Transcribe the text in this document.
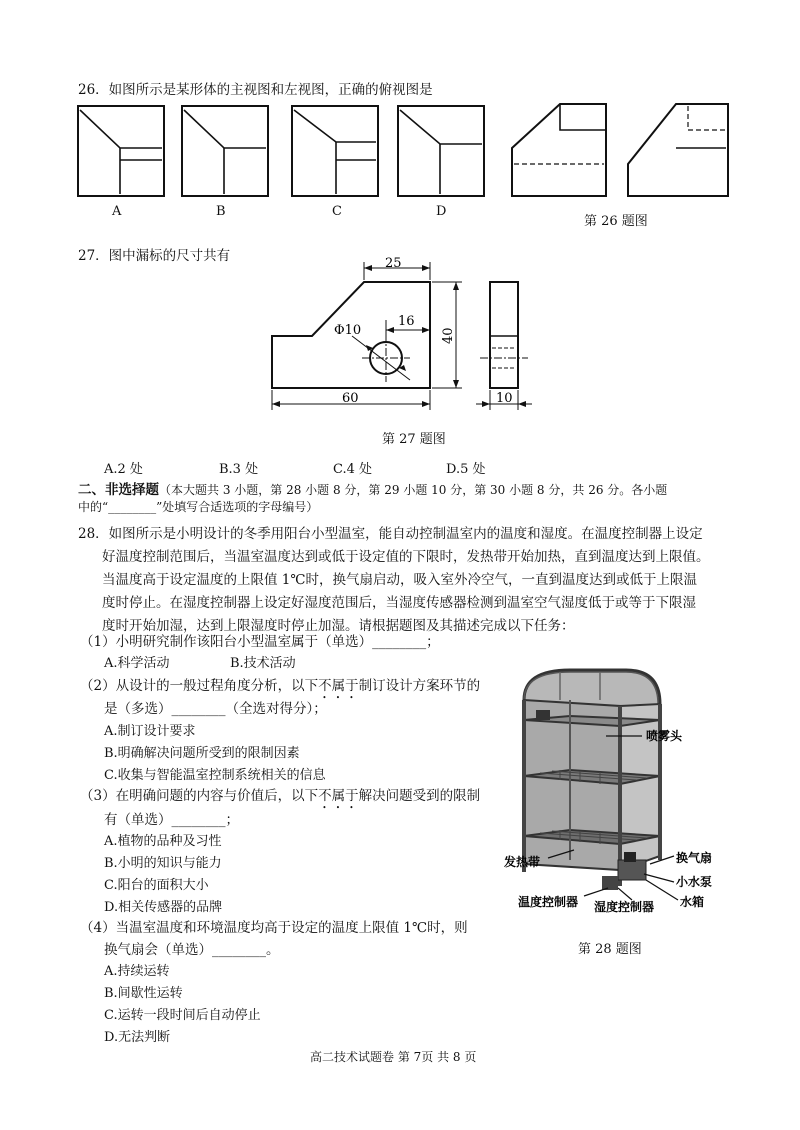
26．如图所示是某形体的主视图和左视图，正确的俯视图是
A	B	C	D
第 26 题图
27．图中漏标的尺寸共有	25
16
Φ10	40
60	10
第 27 题图
A.2 处	B.3 处	C.4 处	D.5 处
二、非选择题（本大题共 3 小题，第 28 小题 8 分，第 29 小题 10 分，第 30 小题 8 分，共 26 分。各小题
中的“________”处填写合适选项的字母编号）
28．如图所示是小明设计的冬季用阳台小型温室，能自动控制温室内的温度和湿度。在温度控制器上设定
好温度控制范围后，当温室温度达到或低于设定值的下限时，发热带开始加热，直到温度达到上限值。
当温度高于设定温度的上限值 1℃时，换气扇启动，吸入室外冷空气，一直到温度达到或低于上限温
度时停止。在湿度控制器上设定好湿度范围后，当湿度传感器检测到温室空气湿度低于或等于下限湿
度时开始加湿，达到上限湿度时停止加湿。请根据题图及其描述完成以下任务：
（1）小明研究制作该阳台小型温室属于（单选）________；
A.科学活动	B.技术活动
（2）从设计的一般过程角度分析，以下不属于制订设计方案环节的
是（多选）________（全选对得分）；
A.制订设计要求
B.明确解决问题所受到的限制因素
C.收集与智能温室控制系统相关的信息
（3）在明确问题的内容与价值后，以下不属于解决问题受到的限制
有（单选）________；
A.植物的品种及习性
B.小明的知识与能力
C.阳台的面积大小
D.相关传感器的品牌
（4）当温室温度和环境温度均高于设定的温度上限值 1℃时，则
换气扇会（单选）________。
A.持续运转
B.间歇性运转
C.运转一段时间后自动停止
D.无法判断
喷雾头
发热带	换气扇
小水泵
温度控制器 湿度控制器 水箱
第 28 题图
高二技术试题卷 第 7页 共 8 页
